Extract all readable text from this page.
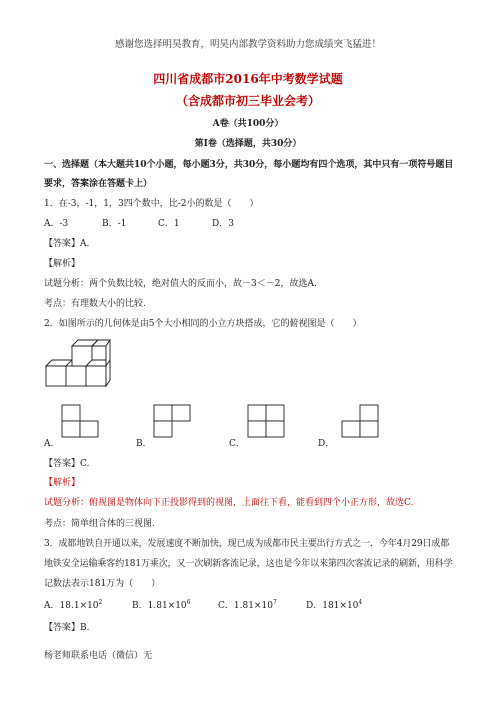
感谢您选择明昊教育，明昊内部教学资料助力您成绩突飞猛进！
四川省成都市2016年中考数学试题
（含成都市初三毕业会考）
A卷（共100分）
第Ⅰ卷（选择题，共30分）
一、选择题（本大题共10个小题，每小题3分，共30分，每小题均有四个选项，其中只有一项符号题目
要求，答案涂在答题卡上）
1．在-3，-1，1，3四个数中，比-2小的数是（　　）
A．-3	B．-1	C．1	D．3
【答案】A.
【解析】
试题分析：两个负数比较，绝对值大的反而小，故－3＜－2，故选A.
考点：有理数大小的比较.
2．如图所示的几何体是由5个大小相同的小立方块搭成，它的俯视图是（　　）
A．	B．	C．	D．
【答案】C.
【解析】
试题分析：俯视图是物体向下正投影得到的视图，上面往下看，能看到四个小正方形，故选C.
考点：简单组合体的三视图.
3．成都地铁自开通以来，发展速度不断加快，现已成为成都市民主要出行方式之一．今年4月29日成都
地铁安全运输乘客约181万乘次，又一次刷新客流记录，这也是今年以来第四次客流记录的刷新，用科学
记数法表示181万为（　　）
A．$18.1\times 10^2$	B．$1.81\times 10^6$	C．$1.81\times 10^7$	D．$181\times 10^4$
【答案】B.
杨老师联系电话（微信）无
